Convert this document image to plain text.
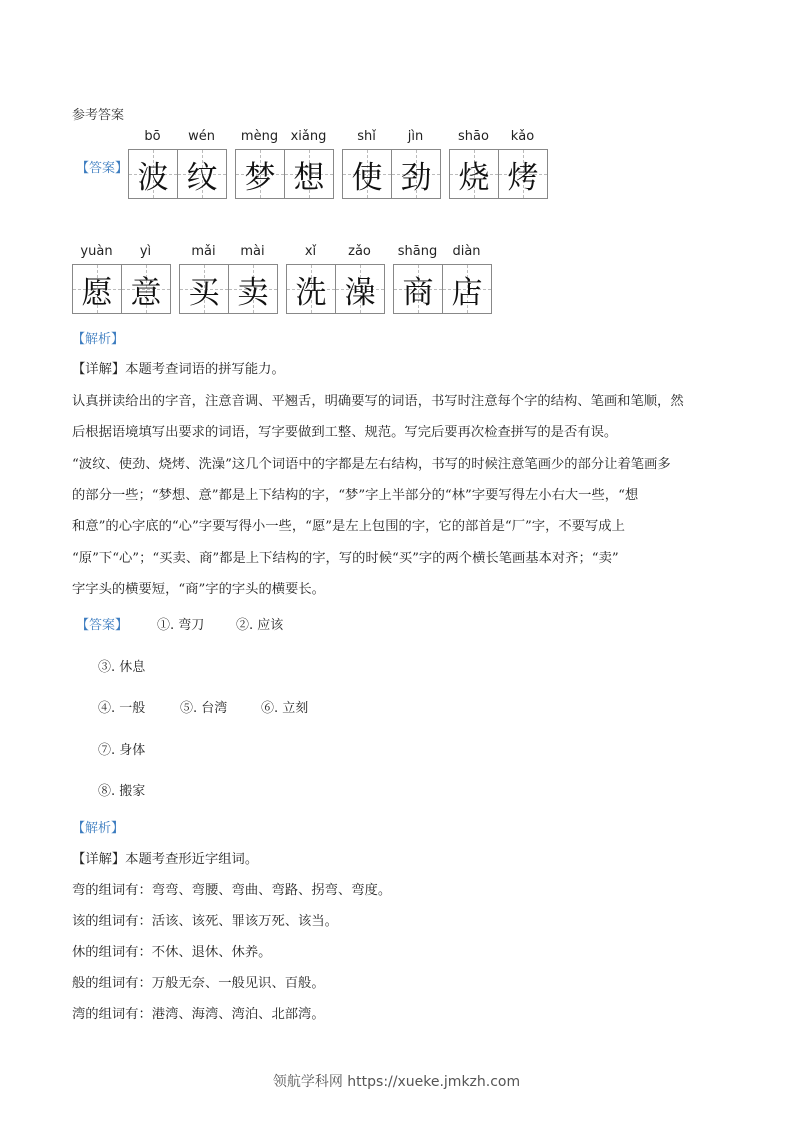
参考答案
【答案】
bō	wén
波 纹
mèng xiǎng
梦 想
shǐ	jìn
使 劲
shāo	kǎo
烧 烤
yuàn	yì
愿 意
mǎi	mài
买 卖
xǐ	zǎo
洗 澡
shāng	diàn
商 店
【解析】
【详解】本题考查词语的拼写能力。
认真拼读给出的字音，注意音调、平翘舌，明确要写的词语，书写时注意每个字的结构、笔画和笔顺，然
后根据语境填写出要求的词语，写字要做到工整、规范。写完后要再次检查拼写的是否有误。
“波纹、使劲、烧烤、洗澡”这几个词语中的字都是左右结构，书写的时候注意笔画少的部分让着笔画多
的部分一些；“梦想、意”都是上下结构的字，“梦”字上半部分的“林”字要写得左小右大一些，“想
和意”的心字底的“心”字要写得小一些，“愿”是左上包围的字，它的部首是“厂”字，不要写成上
“原”下“心”；“买卖、商”都是上下结构的字，写的时候“买”字的两个横长笔画基本对齐；“卖”
字字头的横要短，“商”字的字头的横要长。
【答案】 ①. 弯刀 ②. 应该
③. 休息
④. 一般	⑤. 台湾	⑥. 立刻
⑦. 身体
⑧. 搬家
【解析】
【详解】本题考查形近字组词。
弯的组词有：弯弯、弯腰、弯曲、弯路、拐弯、弯度。
该的组词有：活该、该死、罪该万死、该当。
休的组词有：不休、退休、休养。
般的组词有：万般无奈、一般见识、百般。
湾的组词有：港湾、海湾、湾泊、北部湾。
领航学科网 https://xueke.jmkzh.com
